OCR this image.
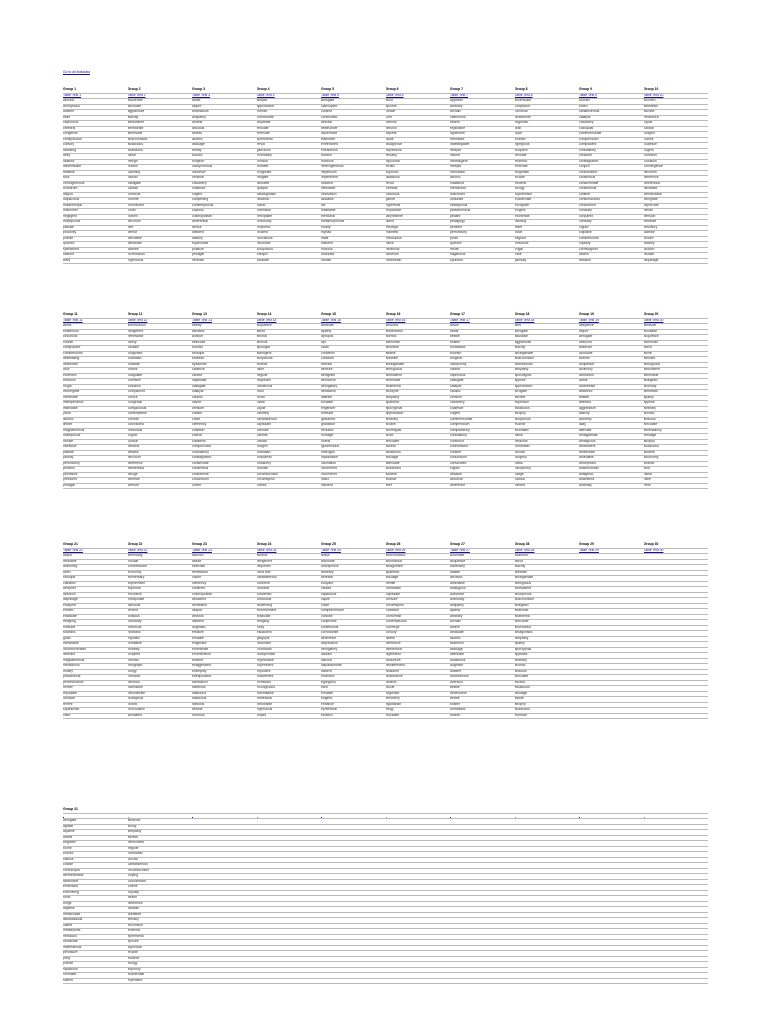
Go to all lists/data
Group 1
Table Test 1
abound
amorphous
austere
belie
capricious
cerebral
congenial
conspicuous
cursory
daunting
deify
didactic
disseminate
feasible
flout
homogeneous
humdrum
insipid
loquacious
misanthropic
misnomer
negligent
obsequious
placate
proclivity
puerile
quixotic
spendthrift
taciturn
wary
Group 2
Table Test 2
adulterate
advocate
aggrandize
alacrity
ambivalent
ameliorate
amenable
anachronistic
audacious
avaricious
banal
benign
brazen
calumny
candid
castigate
caustic
construe
contrite
convoluted
covet
craven
decorum
deft
demur
derivative
desiccate
diatribe
incredulous
ingenuous
Group 3
Table Test 3
abate
abjure
anomalous
antipathy
arcane
arduous
artless
ascetic
assuage
betray
bucolic
burgeon
cacophonous
canonize
censure
chicanery
coalesce
cogent
compelling
contemptuous
copious
cosmopolitan
deferential
demur
diffident
dilatory
equivocate
polarize
prodigal
verbose
Group 4
Table Test 4
abstain
approbation
cherish
corroborate
disparate
emulate
enervate
ephemeral
fervid
garrulous
incendiary
inimical
intimate
invigorate
mitigate
obsolete
opaque
paradigmatic
pedantic
placid
polemical
precipitate
profundity
prophetic
prudent
punctilious
recondite
scrupulous
tranquil
vacillate
Group 5
Table Test 5
abrogate
clairvoyant
contrite
convoluted
debunk
destructive
discernible
elaborate
entrenched
extraneous
fanciful
frivolous
heterogeneous
impetuous
impertinent
indolent
inevitable
innovation
laudable
lax
malleable
mercurial
metamorphosis
mollify
myriad
nadir
nascent
noxious
obdurate
obtuse
Group 6
Table Test 6
aloof
aplomb
cleave
cleft
debunk
defunct
deplete
dilate
disapprove
duplicitous
efficacy
equivocal
erratic
euphoric
fallacious
fervor
forestall
fortuitous
garner
hyperbole
jeopardize
labyrinthine
latent
lethargic
manifest
meticulous
naive
nefarious
oblivious
pedestrian
Group 7
Table Test 7
appease
arbitrary
archaic
clamorous
dearth
explicable
hyperbole
inevitable
indefatigable
intrepid
insular
intransigent
intrepid
invocation
laconic
maladroit
mendicant
miscreant
obdurate
obsequious
parsimonious
pedant
pedagogy
penitent
perfunctory
prolix
quixotic
refute
sagacious
spurious
Group 8
Table Test 8
accentuate
conjecture
convivial
dissembler
dogmatic
drab
dupe
eclectic
egregious
eloquent
emulate
endemic
enervate
enigmatic
erudite
esoteric
eulogy
euphemism
exacerbate
exculpate
exigent
exonerate
fawning
fetter
fickle
flagrant
fortuitous
frugal
futile
gainsay
Group 9
Table Test 9
boorish
brash
cantankerous
catalyst
chicanery
colloquial
commensurate
compendium
complacent
conciliatory
condone
conflagration
conjoin
connoisseur
consensus
consummate
contentious
contrite
contumacious
conundrum
corollary
corpulent
credulity
cryptic
culpable
cumbersome
cupidity
curmudgeon
dearth
debacle
Group 10
Table Test 10
acumen
antithesis
ascribe
belabored
cajole
caustic
chagrin
clamor
coalesce
cogent
cohesion
collusion
convergence
decorum
deference
deleterious
delineate
demarcation
denigrate
deprecate
deride
derision
destitute
desultory
diatribe
dictum
dilatory
discord
disdain
disparage
Group 11
Table Test 11
abhor
boisterous
circuitous
chortle
complacent
cumbersome
debilitating
deliberate
droll
eccentric
frivolous
frugal
incorrigible
inveterate
intemperance
intimidate
jovial
laconic
limber
magnanimous
obsequious
obtuse
ostracize
palliate
parody
perfunctory
perilous
pervasive
prescient
prodigal
Group 12
Table Test 12
acrimonious
belligerent
benefactor
canny
cavalier
chagrined
charlatan
chastise
clamor
coagulate
cohesive
collusion
complacent
concur
congenial
conspicuous
contemptible
contrite
convoluted
credulous
cryptic
cynical
debacle
debase
decorum
deference
deleterious
deluge
demean
demure
Group 13
Table Test 13
affinity
altruistic
avarice
bellicose
boorish
brusque
buttress
byzantine
cadence
candor
capitulate
castigate
catalyst
caucus
cavort
censure
chaste
chide
clemency
coalition
coerce
collateral
compunction
conciliatory
conflagration
consecrate
consensus
contravene
conundrum
covert
Group 14
Table Test 14
acquiesce
adroit
amoral
animus
apologist
astringent
auspicious
avarice
bane
beguile
bequeath
boisterous
boon
brook
cabal
cajole
calumny
cantankerous
capitulate
carouse
catholic
caustic
chagrin
charlatan
chauvinist
chicanery
churlish
circumlocution
circumspect
clamor
Group 15
Table Test 15
abdicate
apathy
apropos
apt
cloak
condemn
condone
debunk
demure
denigrate
denounce
derogatory
detraction
diatribe
emulate
engender
fortitude
galvanize
gradation
heuristic
homage
hubris
ignominious
imbroglio
implausible
inclination
incoherent
incumbent
indict
insolent
Group 16
Table Test 16
abscond
abstemious
acerbic
admonish
aesthetic
affable
alleviate
amalgamate
ambiguous
ambivalent
amenable
anathema
anodyne
antipathy
apathetic
apocryphal
approbation
arbitrary
arcane
archetypal
ardor
articulate
ascetic
assiduous
assuage
attenuate
audacious
austere
avarice
aver
Group 17
Table Test 17
axiom
banal
belittle
bolster
bombastic
boorish
burgeon
cacophony
candor
capricious
castigate
catalyst
caustic
censure
chicanery
coalesce
cogent
commensurate
compendium
complacency
conciliatory
confound
connoisseur
contrite
conundrum
convoluted
cryptic
debacle
decorum
deference
Group 18
Table Test 18
abet
abrogate
adulation
aggrandize
alacrity
amalgamate
anachronism
antediluvian
antipathy
apocalyptic
apprise
approbation
arrogate
ascribe
aspersion
assiduous
atrophy
auspicious
avarice
axiomatic
banal
bellicose
bombastic
bucolic
burgeon
cabal
cacophony
cadge
callous
canard
Group 19
Table Test 19
abeyance
abjure
abrogate
abscond
abstruse
accolade
acerbic
acquiesce
acrimony
admonish
adroit
adumbrate
aesthetic
affable
affected
aggrandize
alacrity
alchemy
allay
alleviate
amalgamate
ambiguous
ambivalent
ameliorate
amenable
amorphous
anachronistic
analgesic
anathema
anomaly
Group 20
Table Test 20
abrasive
accolade
acquiesce
admonish
adroit
allure
altruism
ambiguous
ambivalent
amenable
analgesic
anomaly
antithesis
apathy
apprise
arbitrary
archaic
arduous
articulate
ascendancy
assuage
atrophy
audacious
austere
autonomy
avarice
avid
banal
bane
belie
Group 21
Table Test 21
abject
amicable
animosity
avert
baroque
cathartic
decipher
delusion
disparage
eloquent
embed
eradicate
fledgling
fortitude
futuristic
goad
immutable
incontrovertible
itinerant
magnanimous
meritorious
motley
paradoxical
perseverance
render
repudiate
resolute
revere
squeamish
valor
Group 22
Table Test 22
amending
circular
cumbersome
economy
elementary
euphemism
euphoria
excursive
extrapolate
fabulous
fervent
fictitious
foolhardy
fortuitous
histrionic
impolitic
inimitable
infidelity
incipient
intrinsic
lithograph
liturgy
nomadic
officious
ostensible
penultimate
prodigious
prolific
provocative
simulated
Group 23
Table Test 23
allusion
astute
bellicose
benefactor
cavort
clemency
coherent
cosmopolitan
decadent
demeanor
despot
devious
diffident
dogmatic
effusive
emulate
enigmatic
enumerate
enumeration
evident
exaggerated
exemplify
extrapolation
fabrication
facetious
fallacious
fastidious
fictitious
flexible
frivolous
Group 24
Table Test 24
ascend
belligerent
bequeath
bona fide
cantankerous
coherent
concede
concerted
credulous
discerning
endorsement
eradicate
fledgling
foray
fraudulent
gargoyle
hedonism
iconoclast
idiosyncratic
impeccable
impertinent
impudent
inadvertent
incessant
incongruous
indomitable
ineffectual
inexorable
ingenuous
insipid
Group 25
Table Test 25
adept
advocate
anonymous
arbitrary
bereave
buoyant
candid
capacious
cajole
chide
comprehensive
concise
conjecture
contentious
corroborate
deference
deprivation
derogatory
disdain
discord
dispassionate
dissent
eccentric
egregious
elicit
emulate
enigma
enhance
ephemeral
esoteric
Group 26
Table Test 26
anachronistic
anomalous
antagonism
apathetic
assuage
belittle
bombastic
capitulate
censure
circumspect
coalesce
conformist
contemptuous
converge
cursory
dearth
deference
deleterious
digression
discursive
disinterested
dissident
dissonance
distend
docile
dogmatic
effrontery
egalitarian
elegy
elucidate
Group 27
Table Test 27
acclimate
acquiesce
adversary
affable
altruistic
amenable
analogous
anecdote
animosity
antipathy
apathy
arbitrary
archaic
ardent
articulate
ascetic
assertion
assuage
attenuate
audacious
augment
austere
autonomous
aversion
belittle
benevolent
berate
bolster
bombastic
brazen
Group 28
Table Test 28
adamant
adroit
alacrity
alleviate
amalgamate
ambiguous
ambivalent
amorphous
anachronism
analgesic
anarchist
anathema
anecdote
anomalous
antagonistic
antipathy
apathy
apocryphal
appease
arbitrary
archaic
arduous
articulate
ascetic
assiduous
assuage
astute
atrophy
audacious
aversion
Group 29
Table Test 29
Group 30
Table Test 30
Group 31

abrogate
aghast
aquiline
arable
begotten
borne
bucolic
callous
coddle
cornucopia
demonstrable
diminutive
embroiled
enervating
florid
fringe
hapless
immaculate
lackadaisical
loathe
mettlesome
nebulous
obfuscate
ostentatious
pervasive
pithy
puerile
rapacious
ruminate
salient

abstruse
acuity
antipathy
ascetic
benevolent
beguile
bombastic
bucolic
cantankerous
circumlocution
cloying
concomitant
coterie
cupidity
dearth
deference
didactic
dilettante
efficacy
encomium
endemic
ephemeral
epicure
equivocal
erudite
esoteric
eulogy
euphony
exacerbate
expedient
